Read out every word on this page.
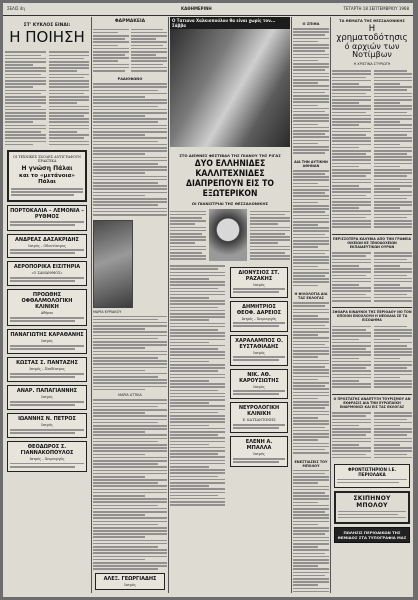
ΣΕΛΙΣ 4η	ΚΑΘΗΜΕΡΙΝΗ	ΤΕΤΑΡΤΗ 18 ΣΕΠΤΕΜΒΡΙΟΥ 1968
ΣΤ' ΚΥΚΛΟΣ ΕΙΝΑΙ:
Η ΠΟΙΗΣΗ
ΟΙ ΤΕΧΝΙΚΕΣ ΣΧΟΛΕΣ ΑΝΤΙΓΡΑΦΟΥΝ ΠΡΑΚΤΙΚΑ
Η γνώση Πάλαι
και το «μετάνοια» Πάλαι
ΠΟΡΤΟΚΑΛΙΑ – ΛΕΜΟΝΙΑ – ΡΥΘΜΟΣ
ΑΝΔΡΕΑΣ ΔΑΣΑΚΡΙΔΗΣ
Ιατρός – Οδοντίατρος
ΑΕΡΟΠΟΡΙΚΑ ΕΙΣΙΤΗΡΙΑ
«Ο ΣΑΜΑΝΘΙΟΣ»
ΠΡΟΩΘΗΣ ΟΦΘΑΛΜΟΛΟΓΙΚΗ ΚΛΙΝΙΚΗ
Αθήναι
ΠΑΝΑΓΙΩΤΗΣ ΚΑΡΑΘΑΝΗΣ
Ιατρός
ΚΩΣΤΑΣ Σ. ΠΑΝΤΑΖΗΣ
Ιατρός – Παιδίατρος
ΑΝΑΡ. ΠΑΠΑΓΙΑΝΝΗΣ
Ιατρός
ΙΩΑΝΝΗΣ Ν. ΠΕΤΡΟΣ
Ιατρός
ΘΕΟΔΩΡΟΣ Σ. ΓΙΑΝΝΑΚΟΠΟΥΛΟΣ
Ιατρός – Χειρουργός
ΦΑΡΜΑΚΕΙΑ
ΡΑΔΙΟΦΩΝΟ
ΜΑΡΙΑ ΚΥΡΙΑΚΟΥ
ΜΑΡΙΑ ΑΤΤΙΚΑ
ΑΛΕΞ. ΓΕΩΡΓΙΑΔΗΣ
Ιατρός
Ο Τατιανα Χαλκιοπούλου θα είναι χωρίς τον... Σάββα
ΣΤΟ ΔΙΕΘΝΕΣ ΦΕΣΤΙΒΑΛ ΤΗΣ ΠΙΑΝΟΥ ΤΗΣ ΡΙΓΑΣ
ΔΥΟ ΕΛΛΗΝΙΔΕΣ ΚΑΛΛΙΤΕΧΝΙΔΕΣ
ΔΙΑΠΡΕΠΟΥΝ ΕΙΣ ΤΟ ΕΞΩΤΕΡΙΚΟΝ
ΟΙ ΠΙΑΝΙΣΤΡΙΑΙ ΤΗΣ ΘΕΣΣΑΛΟΝΙΚΗΣ
ΔΙΟΝΥΣΙΟΣ ΣΤ. ΡΑΖΑΚΗΣ
Ιατρός
ΔΗΜΗΤΡΙΟΣ ΘΕΟΦ. ΔΑΡΕΙΟΣ
Ιατρός – Χειρουργός
ΧΑΡΑΛΑΜΠΟΣ Ο. ΕΥΣΤΑΘΙΑΔΗΣ
Ιατρός
ΝΙΚ. ΑΘ. ΚΑΡΟΥΣΙΩΤΗΣ
Ιατρός
ΝΕΥΡΟΛΟΓΙΚΗ ΚΛΙΝΙΚΗ
Ε. ΚΑΤΣΑΝΤΩΝΗΣ
ΕΛΕΝΗ Α. ΜΠΑΛΛΑ
Ιατρός
Ο ΣΠΙΘΑ
ΔΙΑ ΤΗΝ ΔΥΤΙΚΗΝ ΑΘΗΝΑΝ
Η ΦΙΛΟΛΟΓΙΑ ΔΙΑ ΤΑΣ ΕΚΛΟΓΑΣ
ΕΝΕΣΤΙΑΣΕΙΣ ΤΟΥ ΜΠΟΛΟΥ
ΤΑ ΘΕΜΑΤΑ ΤΗΣ ΘΕΣΣΑΛΟΝΙΚΗΣ
Η χρηματοδότησις
ό αρχιών των Νοτίμβων
Η ΧΡΙΣΤΙΝΑ ΣΤΥΡΙΩΤΗ
ΠΕΡΙΣΣΟΤΕΡΑ ΚΑΛΥΒΙΑ ΑΠΟ ΤΗΝ ΓΡΑΦΕΙΑ ΟΙΚΕΙΩΝ ΚΕ ΞΕΝΟΔΟΧΕΙΩΝ ΕΚΠΑΙΔΕΥΤΙΚΩΝ ΟΥΡΩΝ
ΣΦΟΔΡΑ ΚΙΝΔΥΝΟΙ ΤΗΣ ΠΕΡΙΟΔΟΥ ΝΟ ΤΟΝ ΟΠΟΙΟΝ ΕΝΟΧΛΟΥΝ Η ΝΕΟΛΑΙΑ ΣΕ ΤΑ ΕΙΣΟΔΗΜΑ
Ο ΠΡΟΣΤΑΤΗΣ ΑΝΑΠΤΥΞΗ ΤΟΥΡΙΣΜΟΥ ΑΝ ΕΚΦΡΑΣΙΣ ΔΙΑ ΤΗΝ ΕΥΡΩΠΑΪΚΗ ΕΝΑΡΜΟΝΙΣΙ ΚΑΙ ΕΙΣ ΤΑΣ ΕΚΛΟΓΑΣ
ΦΡΟΝΤΙΣΤΗΡΙΟΝ Ι.Ε. ΠΕΡΙΟΛΑΚΑ
ΣΚΙΠΗΝΟΥ ΜΠΟΛΟΥ
ΠΩΛΗΣΙΣ ΠΕΡΙΟΔΙΚΩΝ ΤΗΣ ΘΕΜΙΔΟΣ ΣΤΑ ΤΥΠΟΓΡΑΦΙΑ ΜΑΣ
